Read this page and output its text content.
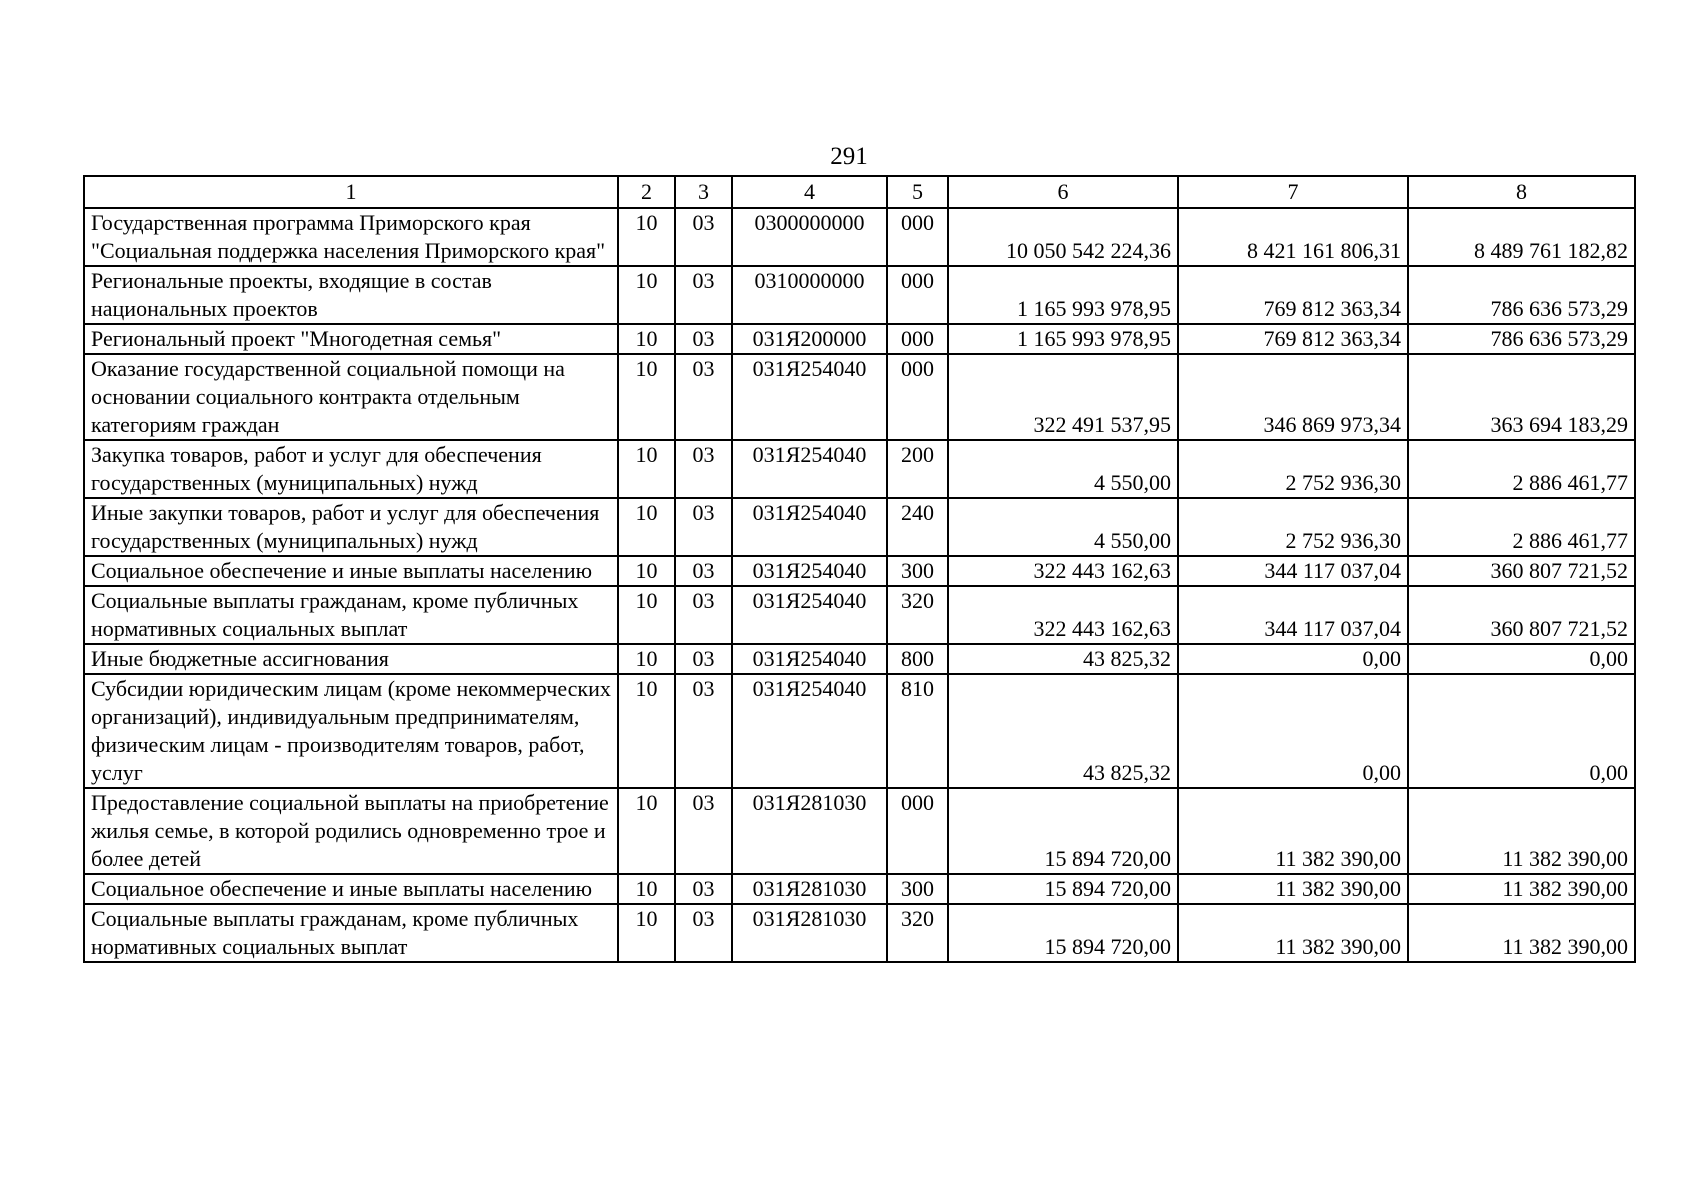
291
1	2	3	4	5	6	7	8
Государственная программа Приморского края "Социальная поддержка населения Приморского края"	10	03	0300000000	000	10 050 542 224,36	8 421 161 806,31	8 489 761 182,82
Региональные проекты, входящие в состав национальных проектов	10	03	0310000000	000	1 165 993 978,95	769 812 363,34	786 636 573,29
Региональный проект "Многодетная семья"	10	03	031Я200000	000	1 165 993 978,95	769 812 363,34	786 636 573,29
Оказание государственной социальной помощи на основании социального контракта отдельным категориям граждан	10	03	031Я254040	000	322 491 537,95	346 869 973,34	363 694 183,29
Закупка товаров, работ и услуг для обеспечения государственных (муниципальных) нужд	10	03	031Я254040	200	4 550,00	2 752 936,30	2 886 461,77
Иные закупки товаров, работ и услуг для обеспечения государственных (муниципальных) нужд	10	03	031Я254040	240	4 550,00	2 752 936,30	2 886 461,77
Социальное обеспечение и иные выплаты населению	10	03	031Я254040	300	322 443 162,63	344 117 037,04	360 807 721,52
Социальные выплаты гражданам, кроме публичных нормативных социальных выплат	10	03	031Я254040	320	322 443 162,63	344 117 037,04	360 807 721,52
Иные бюджетные ассигнования	10	03	031Я254040	800	43 825,32	0,00	0,00
Субсидии юридическим лицам (кроме некоммерческих организаций), индивидуальным предпринимателям, физическим лицам - производителям товаров, работ, услуг	10	03	031Я254040	810	43 825,32	0,00	0,00
Предоставление социальной выплаты на приобретение жилья семье, в которой родились одновременно трое и более детей	10	03	031Я281030	000	15 894 720,00	11 382 390,00	11 382 390,00
Социальное обеспечение и иные выплаты населению	10	03	031Я281030	300	15 894 720,00	11 382 390,00	11 382 390,00
Социальные выплаты гражданам, кроме публичных нормативных социальных выплат	10	03	031Я281030	320	15 894 720,00	11 382 390,00	11 382 390,00
